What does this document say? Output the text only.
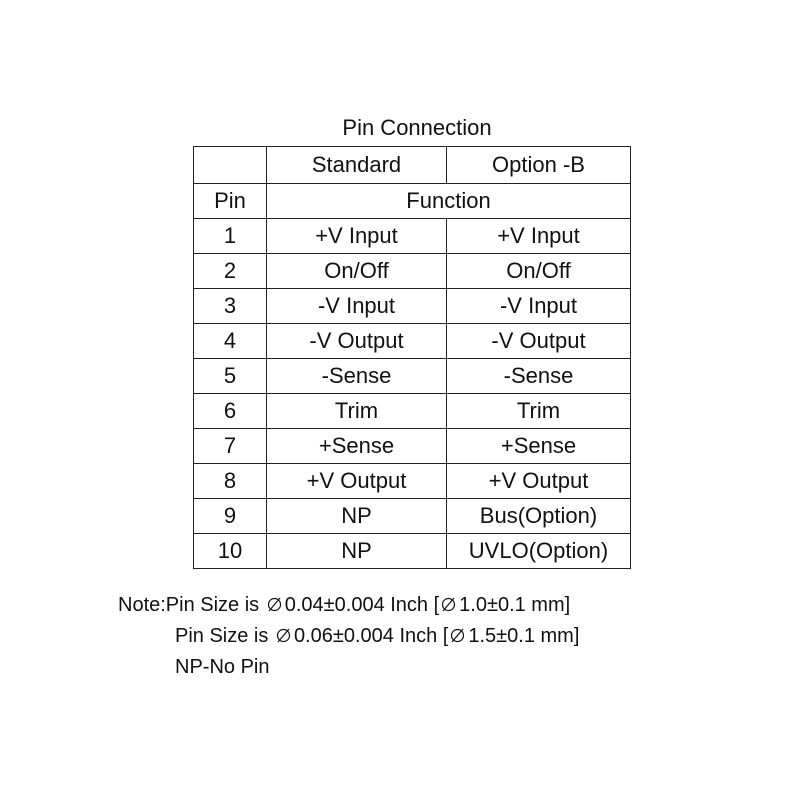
Pin Connection
	Standard	Option -B
Pin	Function	
1	+V Input	+V Input
2	On/Off	On/Off
3	-V Input	-V Input
4	-V Output	-V Output
5	-Sense	-Sense
6	Trim	Trim
7	+Sense	+Sense
8	+V Output	+V Output
9	NP	Bus(Option)
10	NP	UVLO(Option)
Note:Pin Size is 0.04±0.004 Inch [ 1.0±0.1 mm]
Pin Size is 0.06±0.004 Inch [ 1.5±0.1 mm]
NP-No Pin
